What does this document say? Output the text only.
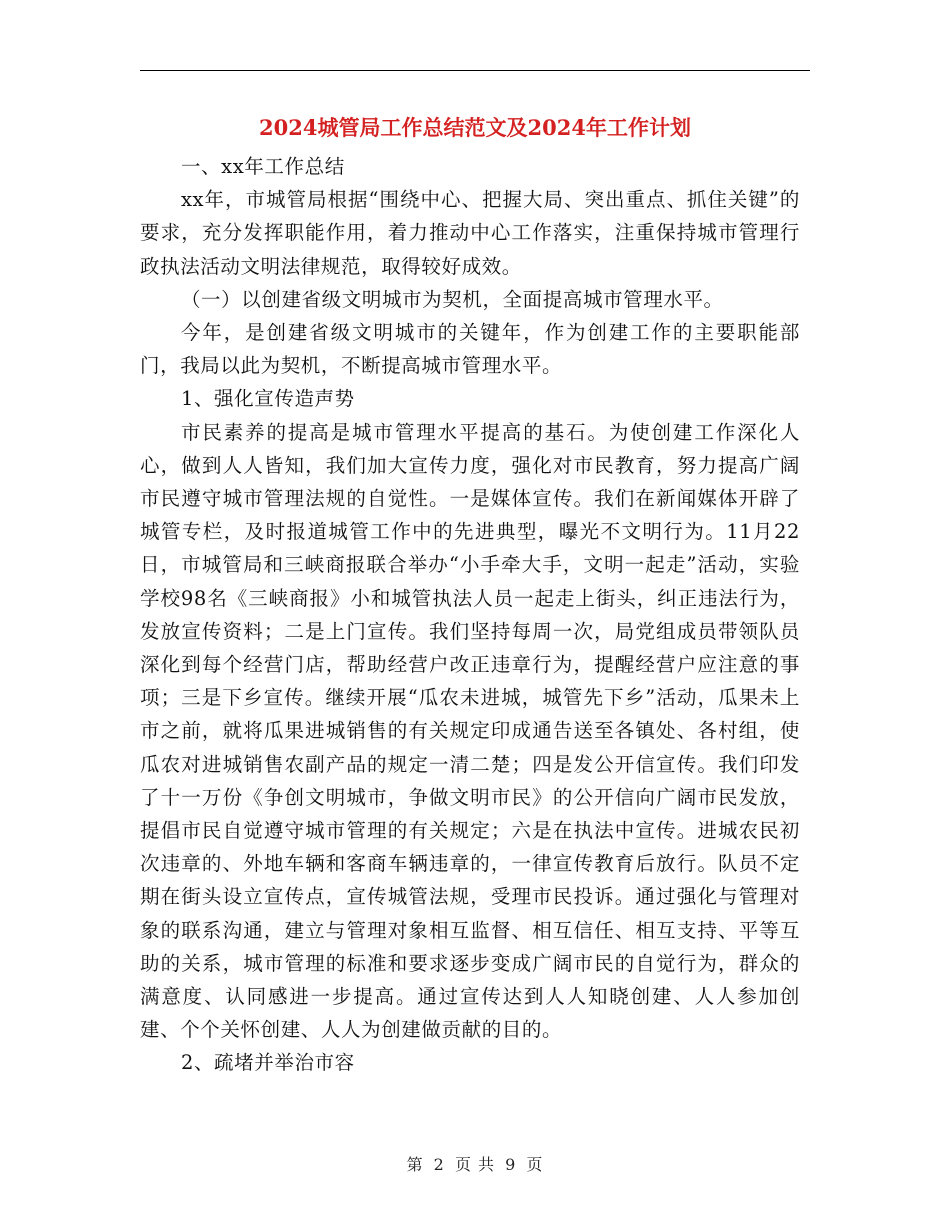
2024城管局工作总结范文及2024年工作计划

一、xx年工作总结

xx年，市城管局根据“围绕中心、把握大局、突出重点、抓住关键”的要求，充分发挥职能作用，着力推动中心工作落实，注重保持城市管理行政执法活动文明法律规范，取得较好成效。

（一）以创建省级文明城市为契机，全面提高城市管理水平。

今年，是创建省级文明城市的关键年，作为创建工作的主要职能部门，我局以此为契机，不断提高城市管理水平。

1、强化宣传造声势

市民素养的提高是城市管理水平提高的基石。为使创建工作深化人心，做到人人皆知，我们加大宣传力度，强化对市民教育，努力提高广阔市民遵守城市管理法规的自觉性。一是媒体宣传。我们在新闻媒体开辟了城管专栏，及时报道城管工作中的先进典型，曝光不文明行为。11月22日，市城管局和三峡商报联合举办“小手牵大手，文明一起走”活动，实验学校98名《三峡商报》小和城管执法人员一起走上街头，纠正违法行为，发放宣传资料；二是上门宣传。我们坚持每周一次，局党组成员带领队员深化到每个经营门店，帮助经营户改正违章行为，提醒经营户应注意的事项；三是下乡宣传。继续开展“瓜农未进城，城管先下乡”活动，瓜果未上市之前，就将瓜果进城销售的有关规定印成通告送至各镇处、各村组，使瓜农对进城销售农副产品的规定一清二楚；四是发公开信宣传。我们印发了十一万份《争创文明城市，争做文明市民》的公开信向广阔市民发放，提倡市民自觉遵守城市管理的有关规定；六是在执法中宣传。进城农民初次违章的、外地车辆和客商车辆违章的，一律宣传教育后放行。队员不定期在街头设立宣传点，宣传城管法规，受理市民投诉。通过强化与管理对象的联系沟通，建立与管理对象相互监督、相互信任、相互支持、平等互助的关系，城市管理的标准和要求逐步变成广阔市民的自觉行为，群众的满意度、认同感进一步提高。通过宣传达到人人知晓创建、人人参加创建、个个关怀创建、人人为创建做贡献的目的。

2、疏堵并举治市容

第 2 页 共 9 页
